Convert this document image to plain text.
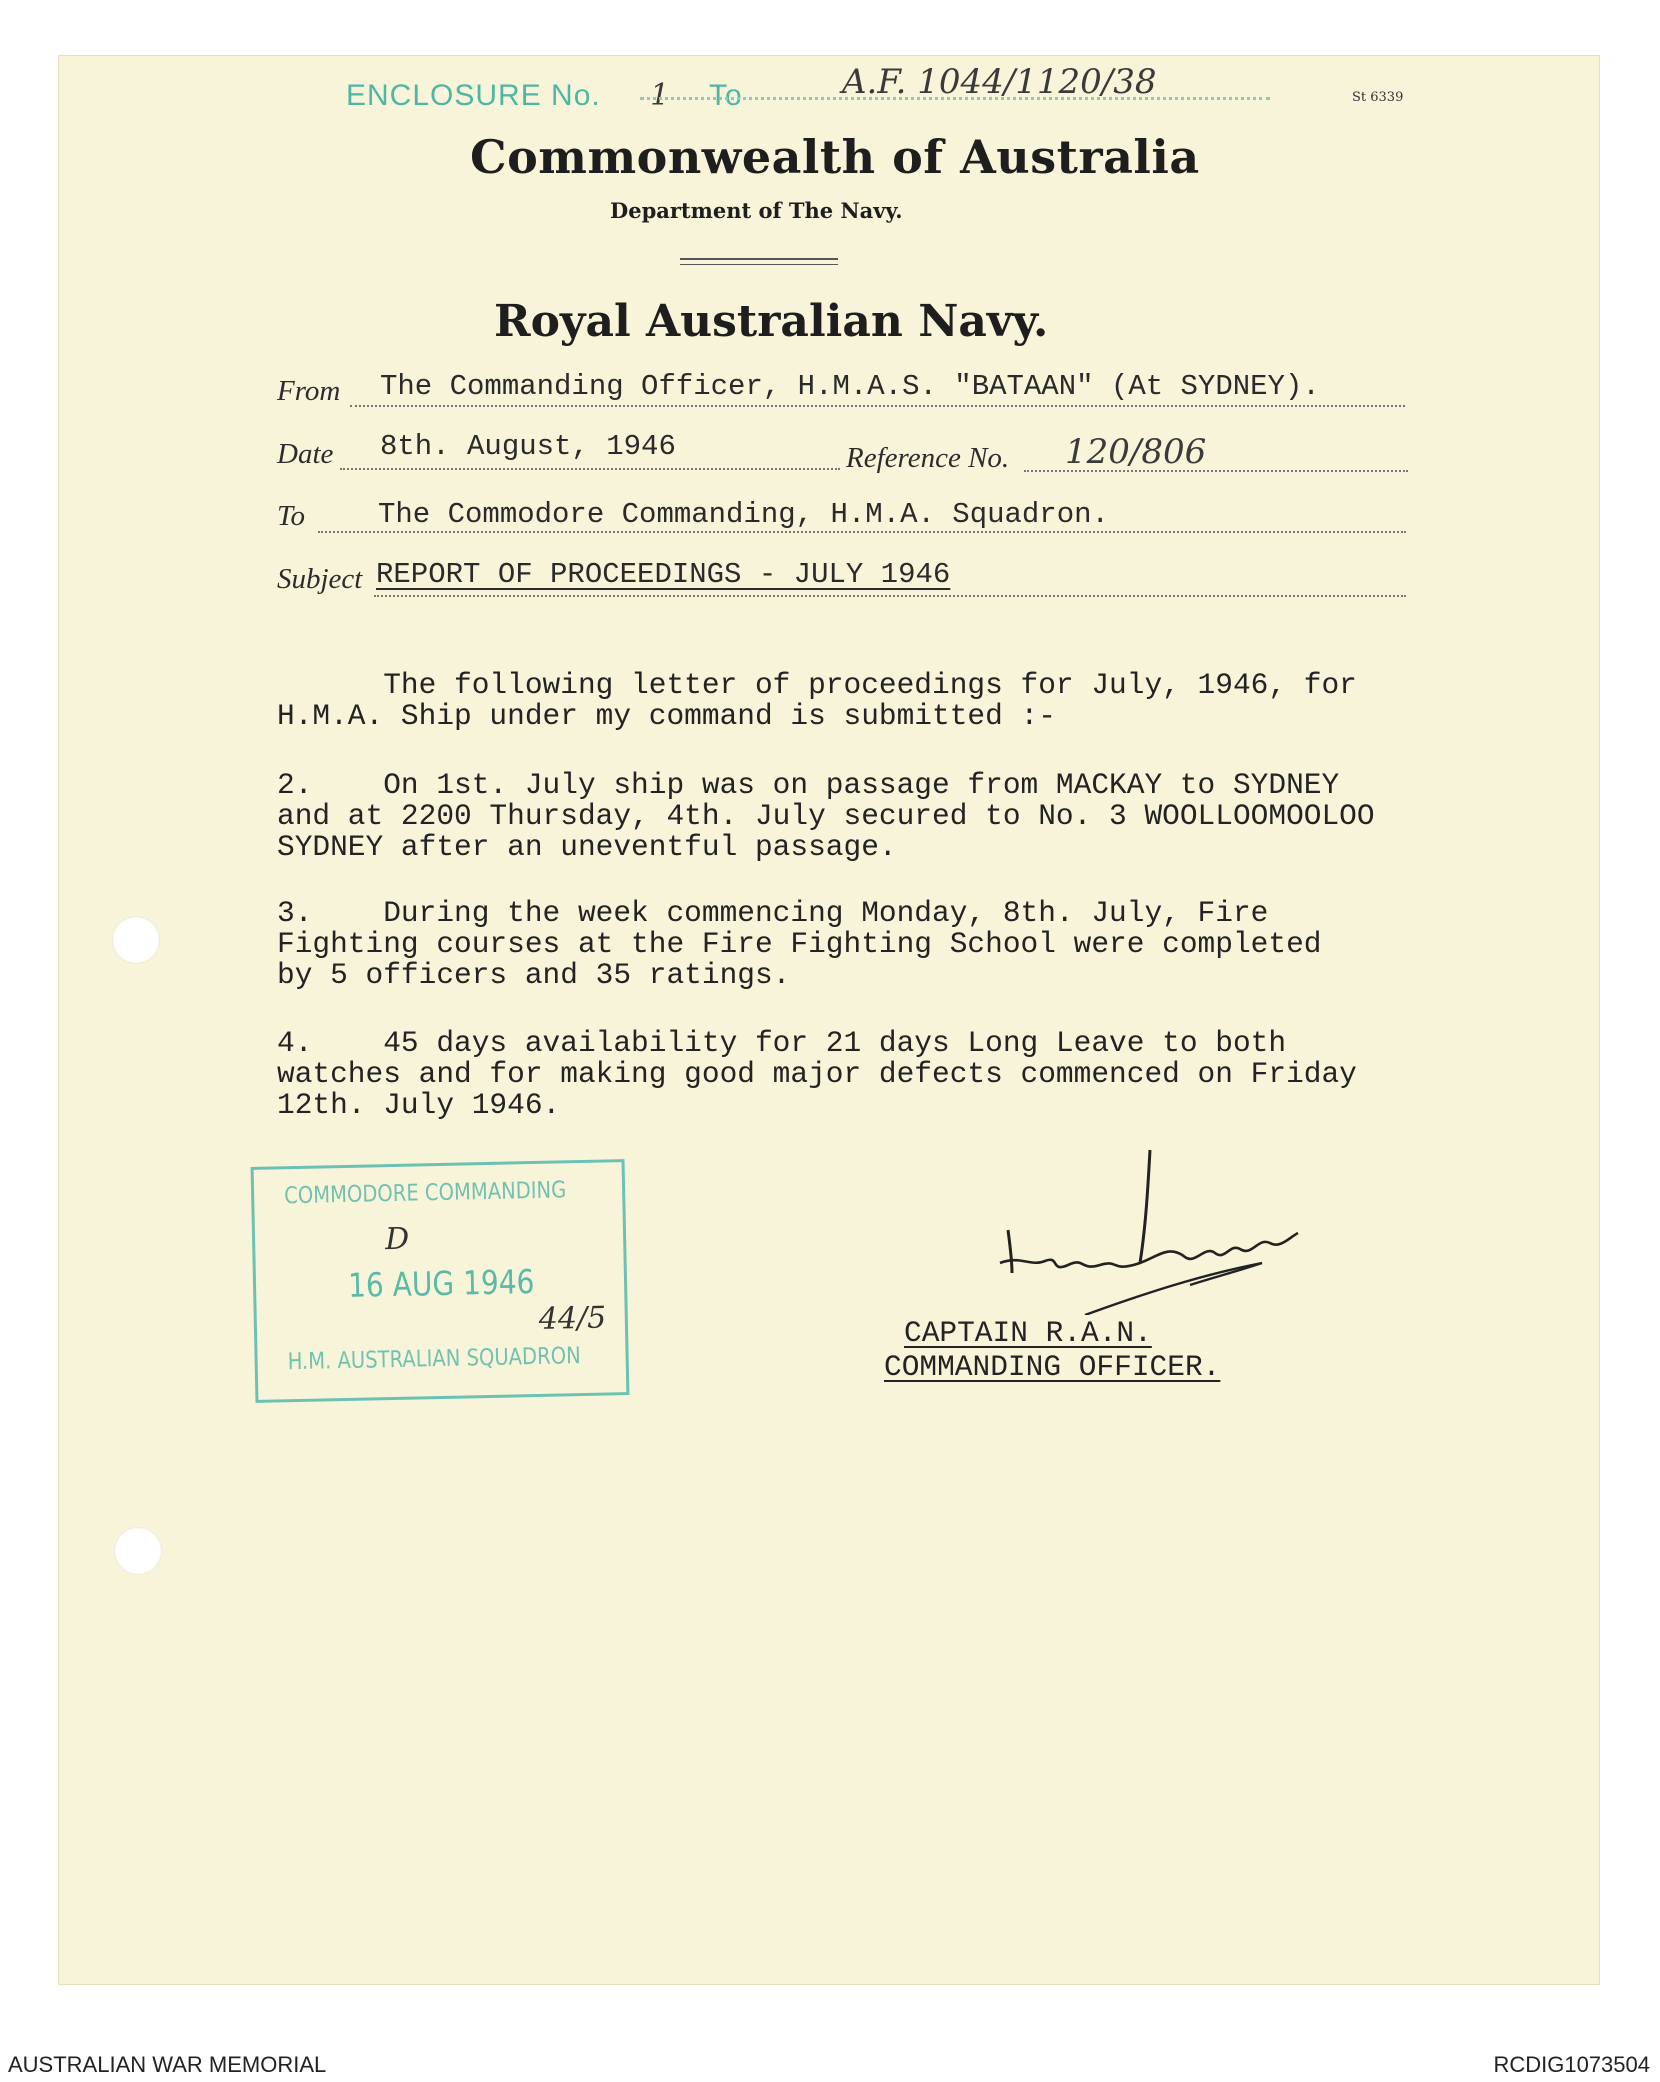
ENCLOSURE No. 1 To	A.F. 1044/1120/38	St 6339
Commonwealth of Australia
Department of The Navy.
Royal Australian Navy.
From The Commanding Officer, H.M.A.S. "BATAAN" (At SYDNEY).
Date 8th. August, 1946	Reference No. 120/806
To	The Commodore Commanding, H.M.A. Squadron.
Subject REPORT OF PROCEEDINGS - JULY 1946
The following letter of proceedings for July, 1946, for
H.M.A. Ship under my command is submitted :-
2.    On 1st. July ship was on passage from MACKAY to SYDNEY
and at 2200 Thursday, 4th. July secured to No. 3 WOOLLOOMOOLOO
SYDNEY after an uneventful passage.
3.    During the week commencing Monday, 8th. July, Fire
Fighting courses at the Fire Fighting School were completed
by 5 officers and 35 ratings.
4.    45 days availability for 21 days Long Leave to both
watches and for making good major defects commenced on Friday
12th. July 1946.
COMMODORE COMMANDING
D
16 AUG 1946
44/5
H.M. AUSTRALIAN SQUADRON
CAPTAIN R.A.N.
COMMANDING OFFICER.
AUSTRALIAN WAR MEMORIAL	RCDIG1073504
